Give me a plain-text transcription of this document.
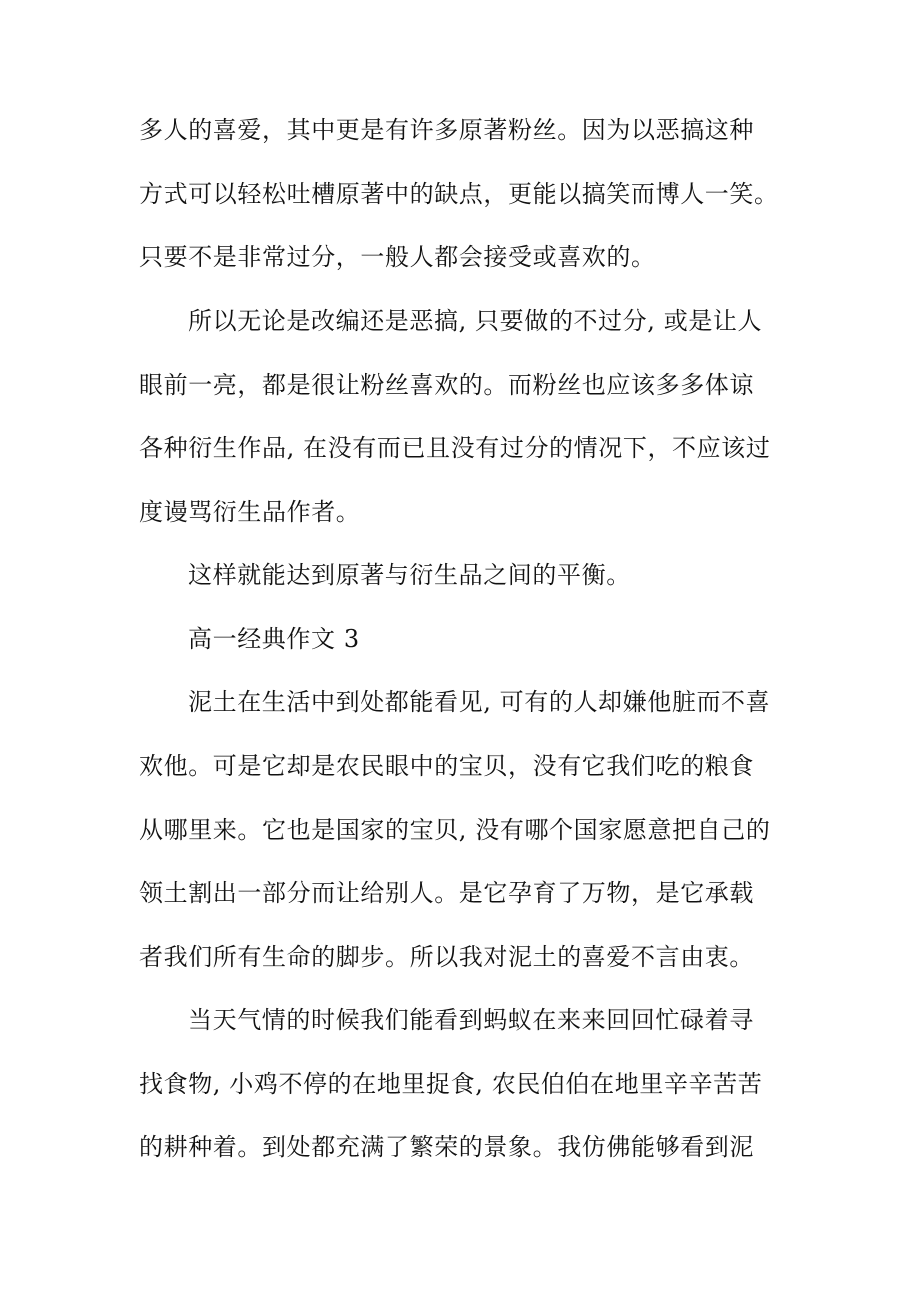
多人的喜爱，其中更是有许多原著粉丝。因为以恶搞这种

方式可以轻松吐槽原著中的缺点，更能以搞笑而博人一笑。

只要不是非常过分，一般人都会接受或喜欢的。

所以无论是改编还是恶搞, 只要做的不过分, 或是让人

眼前一亮，都是很让粉丝喜欢的。而粉丝也应该多多体谅

各种衍生作品, 在没有而已且没有过分的情况下，不应该过

度谩骂衍生品作者。

这样就能达到原著与衍生品之间的平衡。

高一经典作文 3

泥土在生活中到处都能看见, 可有的人却嫌他脏而不喜

欢他。可是它却是农民眼中的宝贝，没有它我们吃的粮食

从哪里来。它也是国家的宝贝, 没有哪个国家愿意把自己的

领土割出一部分而让给别人。是它孕育了万物，是它承载

者我们所有生命的脚步。所以我对泥土的喜爱不言由衷。

当天气情的时候我们能看到蚂蚁在来来回回忙碌着寻

找食物, 小鸡不停的在地里捉食, 农民伯伯在地里辛辛苦苦

的耕种着。到处都充满了繁荣的景象。我仿佛能够看到泥
